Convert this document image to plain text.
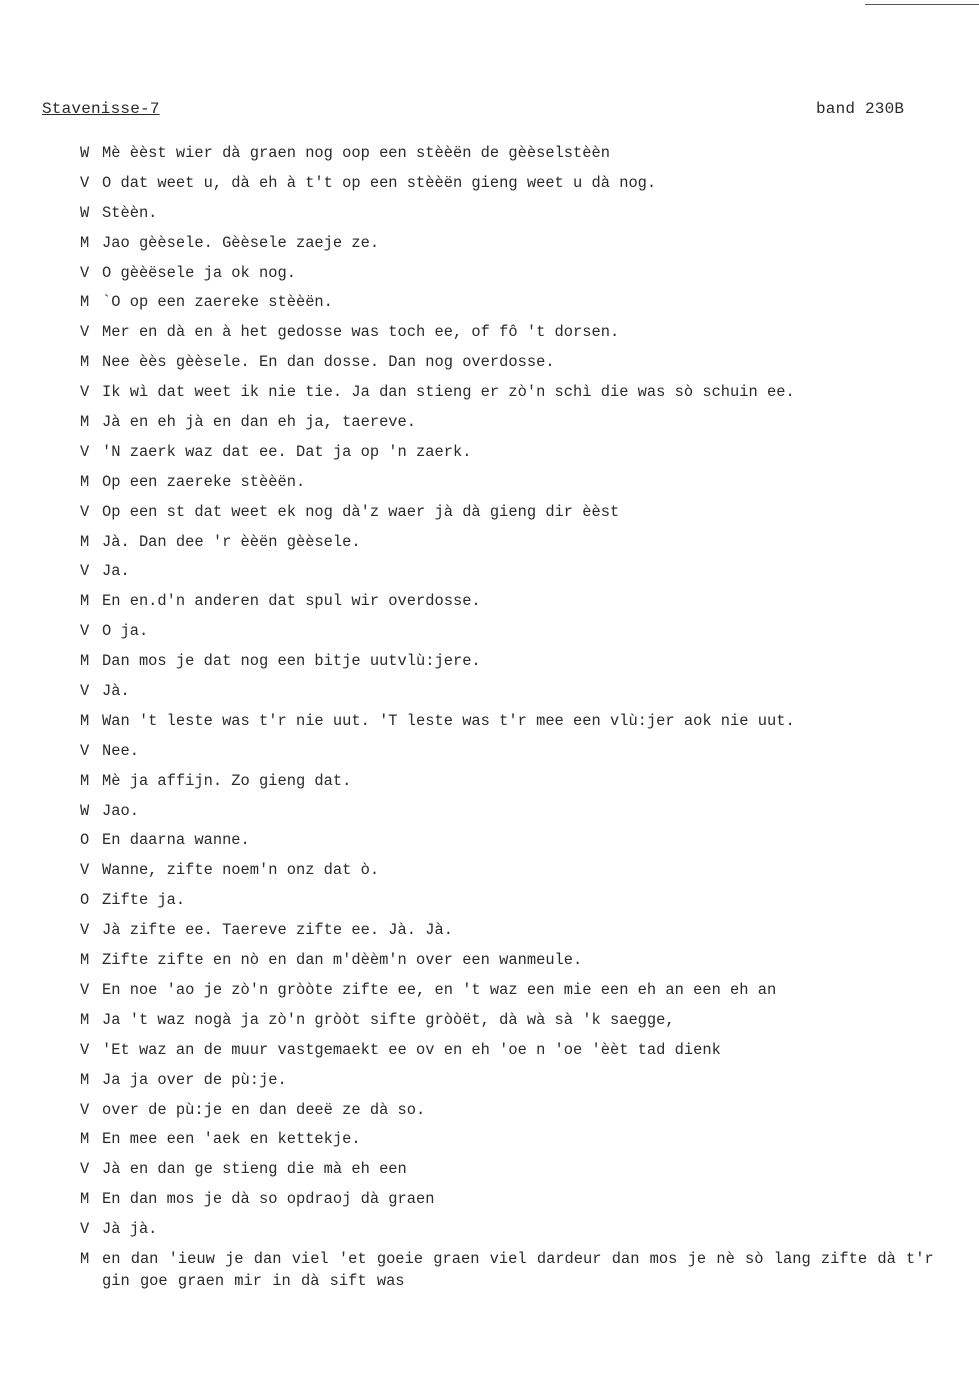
Stavenisse-7	band 230B
W Mè èèst wier dà graen nog oop een stèèën de gèèselstèèn
V O dat weet u, dà eh à t't op een stèèën gieng weet u dà nog.
W Stèèn.
M Jao gèèsele. Gèèsele zaeje ze.
V O gèèësele ja ok nog.
M `O op een zaereke stèèën.
V Mer en dà en à het gedosse was toch ee, of fô 't dorsen.
M Nee èès gèèsele. En dan dosse. Dan nog overdosse.
V Ik wì dat weet ik nie tie. Ja dan stieng er zò'n schì die was sò schuin ee.
M Jà en eh jà en dan eh ja, taereve.
V 'N zaerk waz dat ee. Dat ja op 'n zaerk.
M Op een zaereke stèèën.
V Op een st dat weet ek nog dà'z waer jà dà gieng dir èèst
M Jà. Dan dee 'r èèën gèèsele.
V Ja.
M En en.d'n anderen dat spul wir overdosse.
V O ja.
M Dan mos je dat nog een bitje uutvlù:jere.
V Jà.
M Wan 't leste was t'r nie uut. 'T leste was t'r mee een vlù:jer aok nie uut.
V Nee.
M Mè ja affijn. Zo gieng dat.
W Jao.
O En daarna wanne.
V Wanne, zifte noem'n onz dat ò.
O Zifte ja.
V Jà zifte ee. Taereve zifte ee. Jà. Jà.
M Zifte zifte en nò en dan m'dèèm'n over een wanmeule.
V En noe 'ao je zò'n gròòte zifte ee, en 't waz een mie een eh an een eh an
M Ja 't waz nogà ja zò'n gròòt sifte gròòët, dà wà sà 'k saegge,
V 'Et waz an de muur vastgemaekt ee ov en eh 'oe n 'oe 'èèt tad dienk
M Ja ja over de pù:je.
V over de pù:je en dan deeë ze dà so.
M En mee een 'aek en kettekje.
V Jà en dan ge stieng die mà eh een
M En dan mos je dà so opdraoj dà graen
V Jà jà.
M en dan 'ieuw je dan viel 'et goeie graen viel dardeur dan mos je nè sò lang zifte dà t'r gin goe graen mir in dà sift was
